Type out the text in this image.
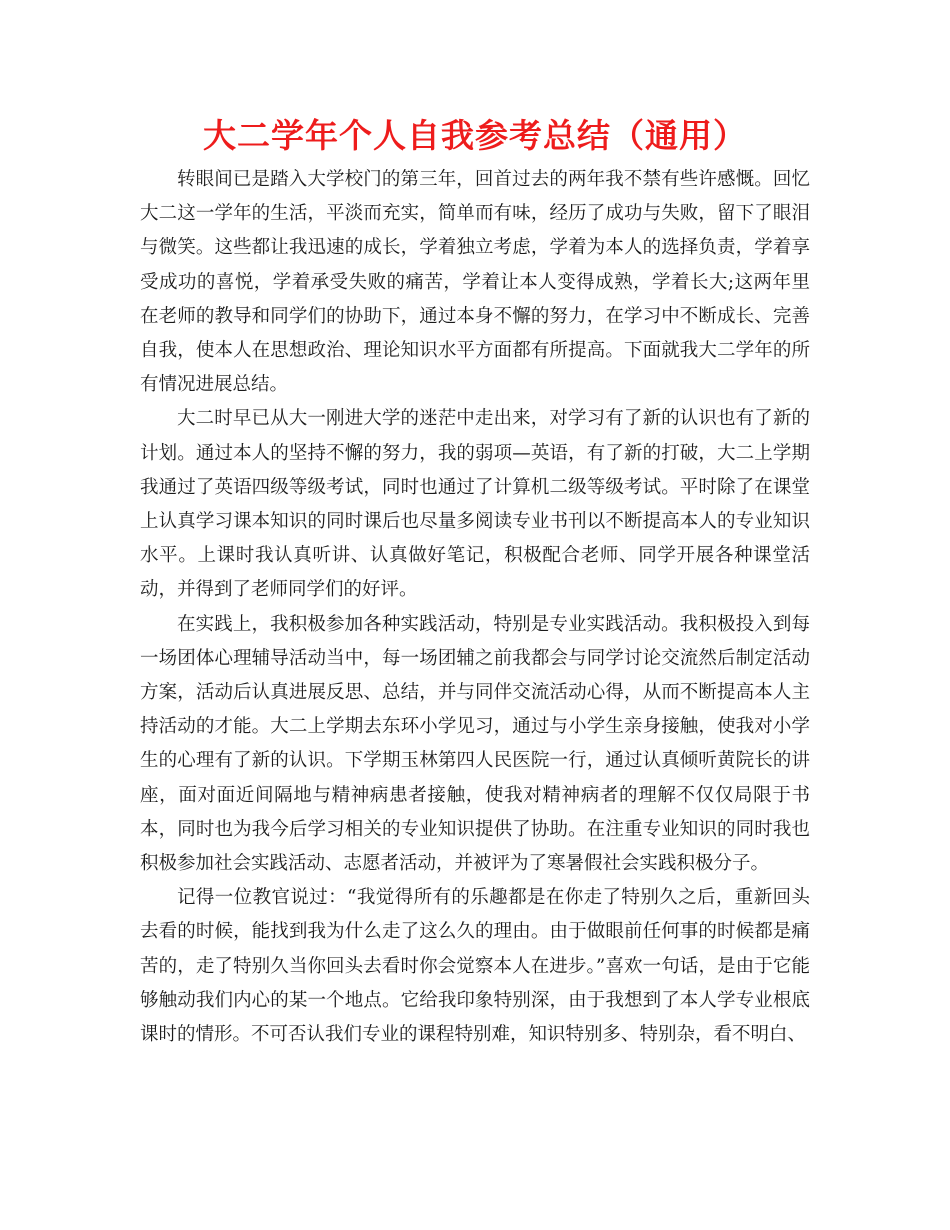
大二学年个人自我参考总结（通用）

转眼间已是踏入大学校门的第三年，回首过去的两年我不禁有些许感慨。回忆大二这一学年的生活，平淡而充实，简单而有味，经历了成功与失败，留下了眼泪与微笑。这些都让我迅速的成长，学着独立考虑，学着为本人的选择负责，学着享受成功的喜悦，学着承受失败的痛苦，学着让本人变得成熟，学着长大;这两年里在老师的教导和同学们的协助下，通过本身不懈的努力，在学习中不断成长、完善自我，使本人在思想政治、理论知识水平方面都有所提高。下面就我大二学年的所有情况进展总结。

大二时早已从大一刚进大学的迷茫中走出来，对学习有了新的认识也有了新的计划。通过本人的坚持不懈的努力，我的弱项—英语，有了新的打破，大二上学期我通过了英语四级等级考试，同时也通过了计算机二级等级考试。平时除了在课堂上认真学习课本知识的同时课后也尽量多阅读专业书刊以不断提高本人的专业知识水平。上课时我认真听讲、认真做好笔记，积极配合老师、同学开展各种课堂活动，并得到了老师同学们的好评。

在实践上，我积极参加各种实践活动，特别是专业实践活动。我积极投入到每一场团体心理辅导活动当中，每一场团辅之前我都会与同学讨论交流然后制定活动方案，活动后认真进展反思、总结，并与同伴交流活动心得，从而不断提高本人主持活动的才能。大二上学期去东环小学见习，通过与小学生亲身接触，使我对小学生的心理有了新的认识。下学期玉林第四人民医院一行，通过认真倾听黄院长的讲座，面对面近间隔地与精神病患者接触，使我对精神病者的理解不仅仅局限于书本，同时也为我今后学习相关的专业知识提供了协助。在注重专业知识的同时我也积极参加社会实践活动、志愿者活动，并被评为了寒暑假社会实践积极分子。

记得一位教官说过：“我觉得所有的乐趣都是在你走了特别久之后，重新回头去看的时候，能找到我为什么走了这么久的理由。由于做眼前任何事的时候都是痛苦的，走了特别久当你回头去看时你会觉察本人在进步。”喜欢一句话，是由于它能够触动我们内心的某一个地点。它给我印象特别深，由于我想到了本人学专业根底课时的情形。不可否认我们专业的课程特别难，知识特别多、特别杂，看不明白、
